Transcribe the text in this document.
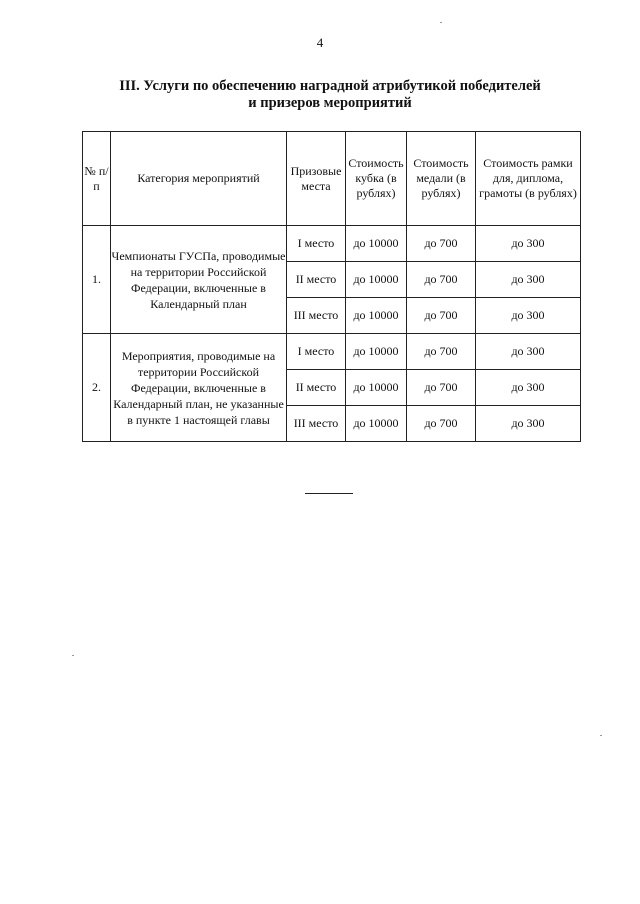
4
III. Услуги по обеспечению наградной атрибутикой победителей
и призеров мероприятий
№ п/п	Категория мероприятий	Призовые места	Стоимость кубка (в рублях)	Стоимость медали (в рублях)	Стоимость рамки для, диплома, грамоты (в рублях)
1.	Чемпионаты ГУСПа, проводимые на территории Российской Федерации, включенные в Календарный план	I место	до 10000	до 700	до 300
		II место	до 10000	до 700	до 300
		III место	до 10000	до 700	до 300
2.	Мероприятия, проводимые на территории Российской Федерации, включенные в Календарный план, не указанные в пункте 1 настоящей главы	I место	до 10000	до 700	до 300
		II место	до 10000	до 700	до 300
		III место	до 10000	до 700	до 300
